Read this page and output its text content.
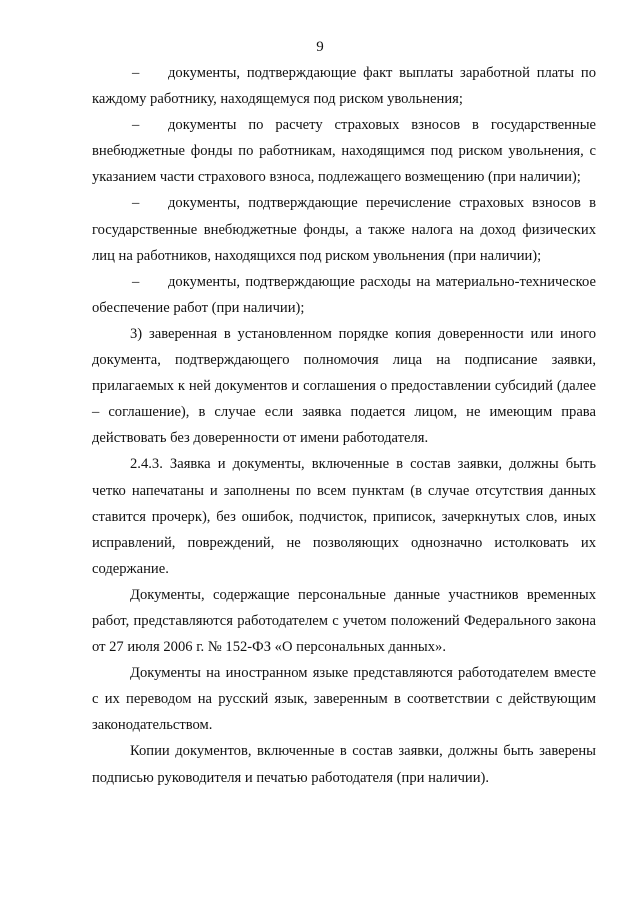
9

– документы, подтверждающие факт выплаты заработной платы по каждому работнику, находящемуся под риском увольнения;

– документы по расчету страховых взносов в государственные внебюджетные фонды по работникам, находящимся под риском увольнения, с указанием части страхового взноса, подлежащего возмещению (при наличии);

– документы, подтверждающие перечисление страховых взносов в государственные внебюджетные фонды, а также налога на доход физических лиц на работников, находящихся под риском увольнения (при наличии);

– документы, подтверждающие расходы на материально-техническое обеспечение работ (при наличии);

3) заверенная в установленном порядке копия доверенности или иного документа, подтверждающего полномочия лица на подписание заявки, прилагаемых к ней документов и соглашения о предоставлении субсидий (далее – соглашение), в случае если заявка подается лицом, не имеющим права действовать без доверенности от имени работодателя.

2.4.3. Заявка и документы, включенные в состав заявки, должны быть четко напечатаны и заполнены по всем пунктам (в случае отсутствия данных ставится прочерк), без ошибок, подчисток, приписок, зачеркнутых слов, иных исправлений, повреждений, не позволяющих однозначно истолковать их содержание.

Документы, содержащие персональные данные участников временных работ, представляются работодателем с учетом положений Федерального закона от 27 июля 2006 г. № 152-ФЗ «О персональных данных».

Документы на иностранном языке представляются работодателем вместе с их переводом на русский язык, заверенным в соответствии с действующим законодательством.

Копии документов, включенные в состав заявки, должны быть заверены подписью руководителя и печатью работодателя (при наличии).
